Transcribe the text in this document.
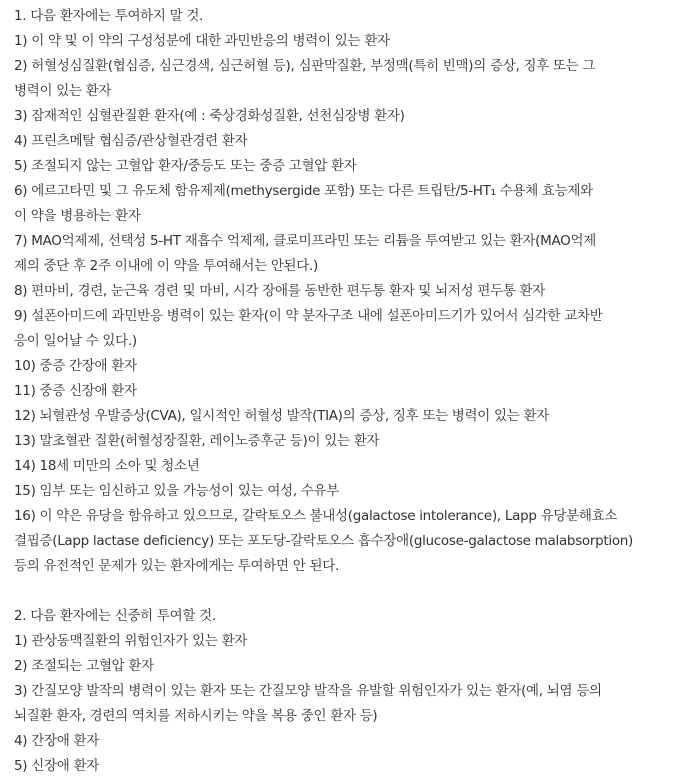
1. 다음 환자에는 투여하지 말 것.
1) 이 약 및 이 약의 구성성분에 대한 과민반응의 병력이 있는 환자
2) 허혈성심질환(협심증, 심근경색, 심근허혈 등), 심판막질환, 부정맥(특히 빈맥)의 증상, 징후 또는 그
병력이 있는 환자
3) 잠재적인 심혈관질환 환자(예 : 죽상경화성질환, 선천심장병 환자)
4) 프린츠메탈 협심증/관상혈관경련 환자
5) 조절되지 않는 고혈압 환자/중등도 또는 중증 고혈압 환자
6) 에르고타민 및 그 유도체 함유제제(methysergide 포함) 또는 다른 트립탄/5-HT₁ 수용체 효능제와
이 약을 병용하는 환자
7) MAO억제제, 선택성 5-HT 재흡수 억제제, 클로미프라민 또는 리튬을 투여받고 있는 환자(MAO억제
제의 중단 후 2주 이내에 이 약을 투여해서는 안된다.)
8) 편마비, 경련, 눈근육 경련 및 마비, 시각 장애를 동반한 편두통 환자 및 뇌저성 편두통 환자
9) 설폰아미드에 과민반응 병력이 있는 환자(이 약 분자구조 내에 설폰아미드기가 있어서 심각한 교차반
응이 일어날 수 있다.)
10) 중증 간장애 환자
11) 중증 신장애 환자
12) 뇌혈관성 우발증상(CVA), 일시적인 허혈성 발작(TIA)의 증상, 징후 또는 병력이 있는 환자
13) 말초혈관 질환(허혈성장질환, 레이노증후군 등)이 있는 환자
14) 18세 미만의 소아 및 청소년
15) 임부 또는 임신하고 있을 가능성이 있는 여성, 수유부
16) 이 약은 유당을 함유하고 있으므로, 갈락토오스 불내성(galactose intolerance), Lapp 유당분해효소
결핍증(Lapp lactase deficiency) 또는 포도당-갈락토오스 흡수장애(glucose-galactose malabsorption)
등의 유전적인 문제가 있는 환자에게는 투여하면 안 된다.
2. 다음 환자에는 신중히 투여할 것.
1) 관상동맥질환의 위험인자가 있는 환자
2) 조절되는 고혈압 환자
3) 간질모양 발작의 병력이 있는 환자 또는 간질모양 발작을 유발할 위험인자가 있는 환자(예, 뇌염 등의
뇌질환 환자, 경련의 역치를 저하시키는 약을 복용 중인 환자 등)
4) 간장애 환자
5) 신장애 환자
